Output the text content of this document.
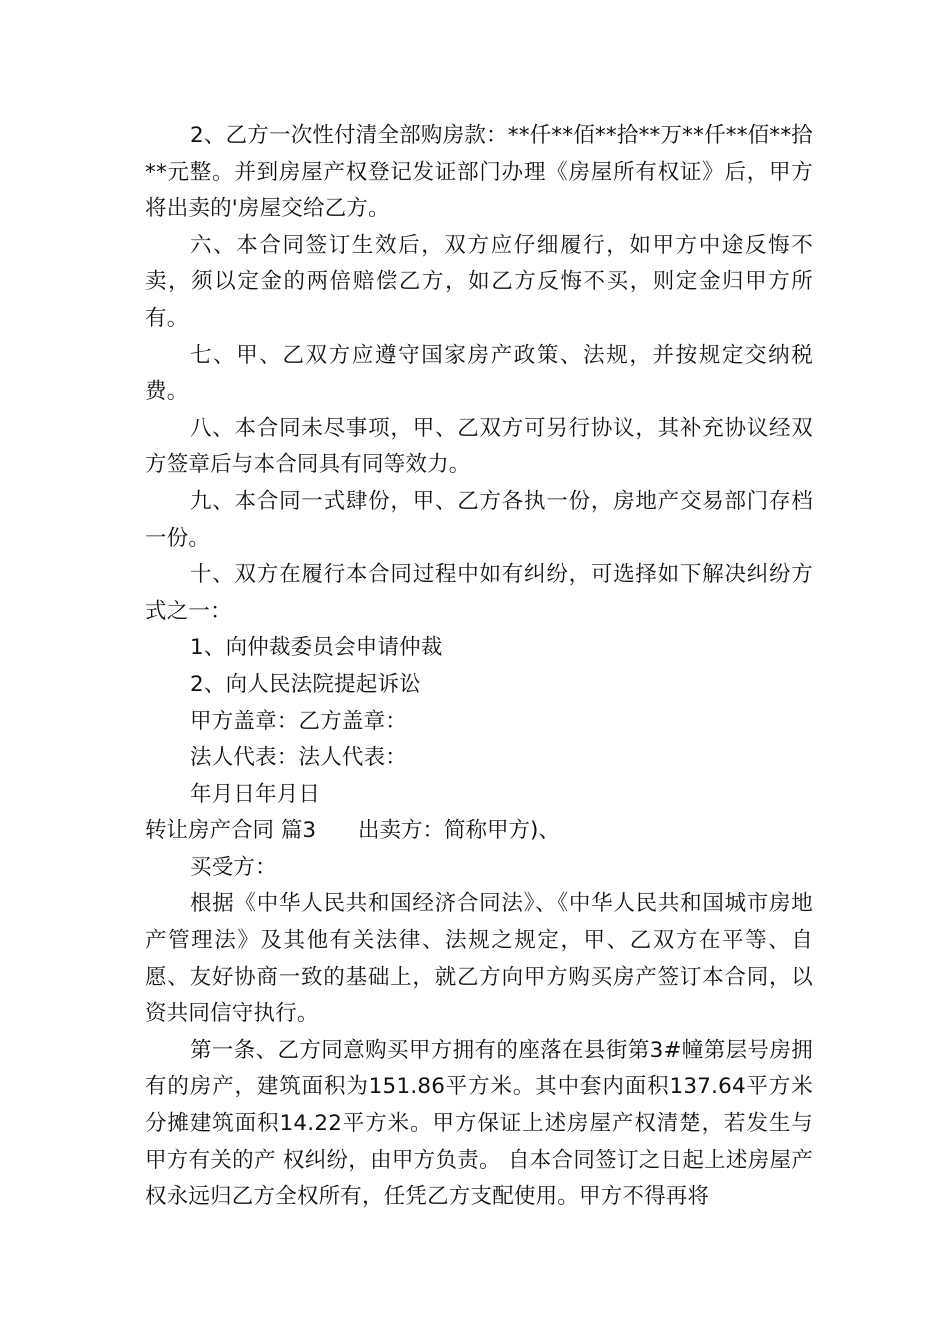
2、乙方一次性付清全部购房款：**仟**佰**拾**万**仟**佰**拾**元整。并到房屋产权登记发证部门办理《房屋所有权证》后，甲方将出卖的'房屋交给乙方。

六、本合同签订生效后，双方应仔细履行，如甲方中途反悔不卖，须以定金的两倍赔偿乙方，如乙方反悔不买，则定金归甲方所有。

七、甲、乙双方应遵守国家房产政策、法规，并按规定交纳税费。

八、本合同未尽事项，甲、乙双方可另行协议，其补充协议经双方签章后与本合同具有同等效力。

九、本合同一式肆份，甲、乙方各执一份，房地产交易部门存档一份。

十、双方在履行本合同过程中如有纠纷，可选择如下解决纠纷方式之一：

1、向仲裁委员会申请仲裁

2、向人民法院提起诉讼

甲方盖章：乙方盖章：

法人代表：法人代表：

年月日年月日

转让房产合同 篇3 出卖方：简称甲方)、

买受方：

根据《中华人民共和国经济合同法》、《中华人民共和国城市房地产管理法》及其他有关法律、法规之规定，甲、乙双方在平等、自愿、友好协商一致的基础上，就乙方向甲方购买房产签订本合同，以资共同信守执行。

第一条、乙方同意购买甲方拥有的座落在县街第3#幢第层号房拥有的房产，建筑面积为151.86平方米。其中套内面积137.64平方米分摊建筑面积14.22平方米。甲方保证上述房屋产权清楚，若发生与甲方有关的产 权纠纷，由甲方负责。 自本合同签订之日起上述房屋产权永远归乙方全权所有，任凭乙方支配使用。甲方不得再将
